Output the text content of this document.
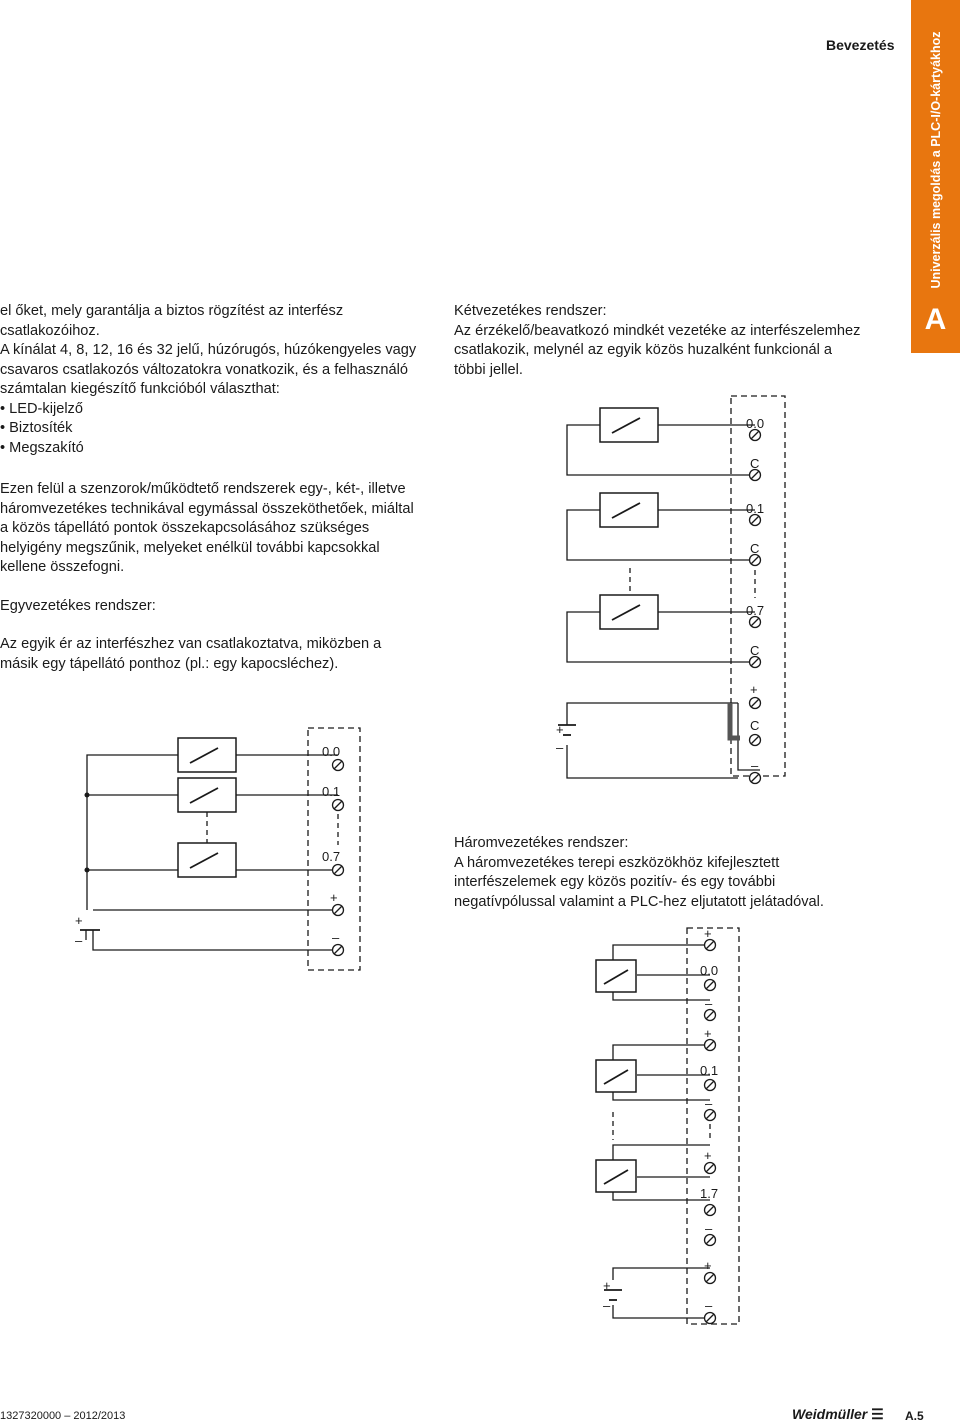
Bevezetés	Univerzális megoldás a PLC-I/O-kártyákhoz
A

el őket, mely garantálja a biztos rögzítést az interfész csatlakozóihoz.

A kínálat 4, 8, 12, 16 és 32 jelű, húzórugós, húzókengyeles vagy csavaros csatlakozós változatokra vonatkozik, és a felhasználó számtalan kiegészítő funkcióból választhat:

• LED-kijelző
• Biztosíték
• Megszakító

Ezen felül a szenzorok/működtető rendszerek egy-, két-, illetve háromvezetékes technikával egymással összeköthetőek, miáltal a közös tápellátó pontok összekapcsolásához szükséges helyigény megszűnik, melyeket enélkül további kapcsokkal kellene összefogni.

Egyvezetékes rendszer:

Az egyik ér az interfészhez van csatlakoztatva, miközben a másik egy tápellátó ponthoz (pl.: egy kapocsléchez).

Kétvezetékes rendszer:

Az érzékelő/beavatkozó mindkét vezetéke az interfészelemhez csatlakozik, melynél az egyik közös huzalként funkcionál a többi jellel.

Háromvezetékes rendszer:

A háromvezetékes terepi eszközökhöz kifejlesztett interfészelemek egy közös pozitív- és egy további negatívpólussal valamint a PLC-hez eljutatott jelátadóval.

0.0
0.1
0.7
+
–
+
–
0.0
C
0.1
C
0.7
C
+
C
–
+
–
+
0.0
–
+
0.1
–
+
1.7
–
+
–
+
–
1327320000 – 2012/2013	Weidmüller ☰ A.5
